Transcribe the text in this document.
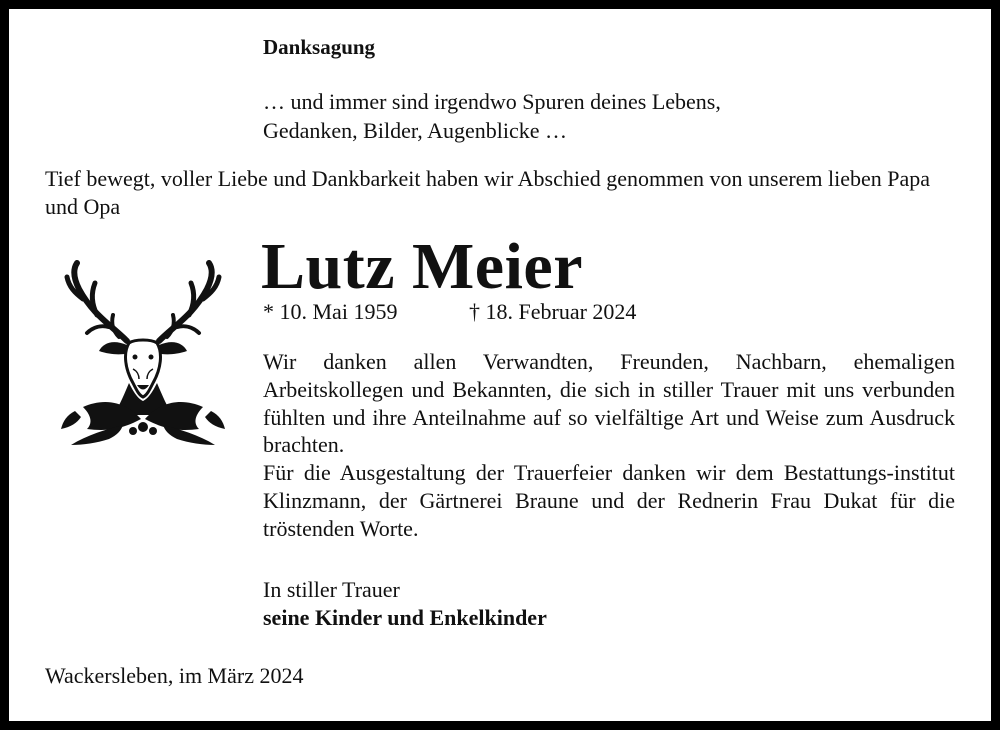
Danksagung
… und immer sind irgendwo Spuren deines Lebens,
Gedanken, Bilder, Augenblicke …
Tief bewegt, voller Liebe und Dankbarkeit haben wir Abschied genommen von unserem lieben Papa und Opa
Lutz Meier
* 10. Mai 1959	† 18. Februar 2024

Wir danken allen Verwandten, Freunden, Nachbarn, ehemaligen Arbeitskollegen und Bekannten, die sich in stiller Trauer mit uns verbunden fühlten und ihre Anteilnahme auf so vielfältige Art und Weise zum Ausdruck brachten.

Für die Ausgestaltung der Trauerfeier danken wir dem Bestattungs-institut Klinzmann, der Gärtnerei Braune und der Rednerin Frau Dukat für die tröstenden Worte.

In stiller Trauer
seine Kinder und Enkelkinder
Wackersleben, im März 2024
